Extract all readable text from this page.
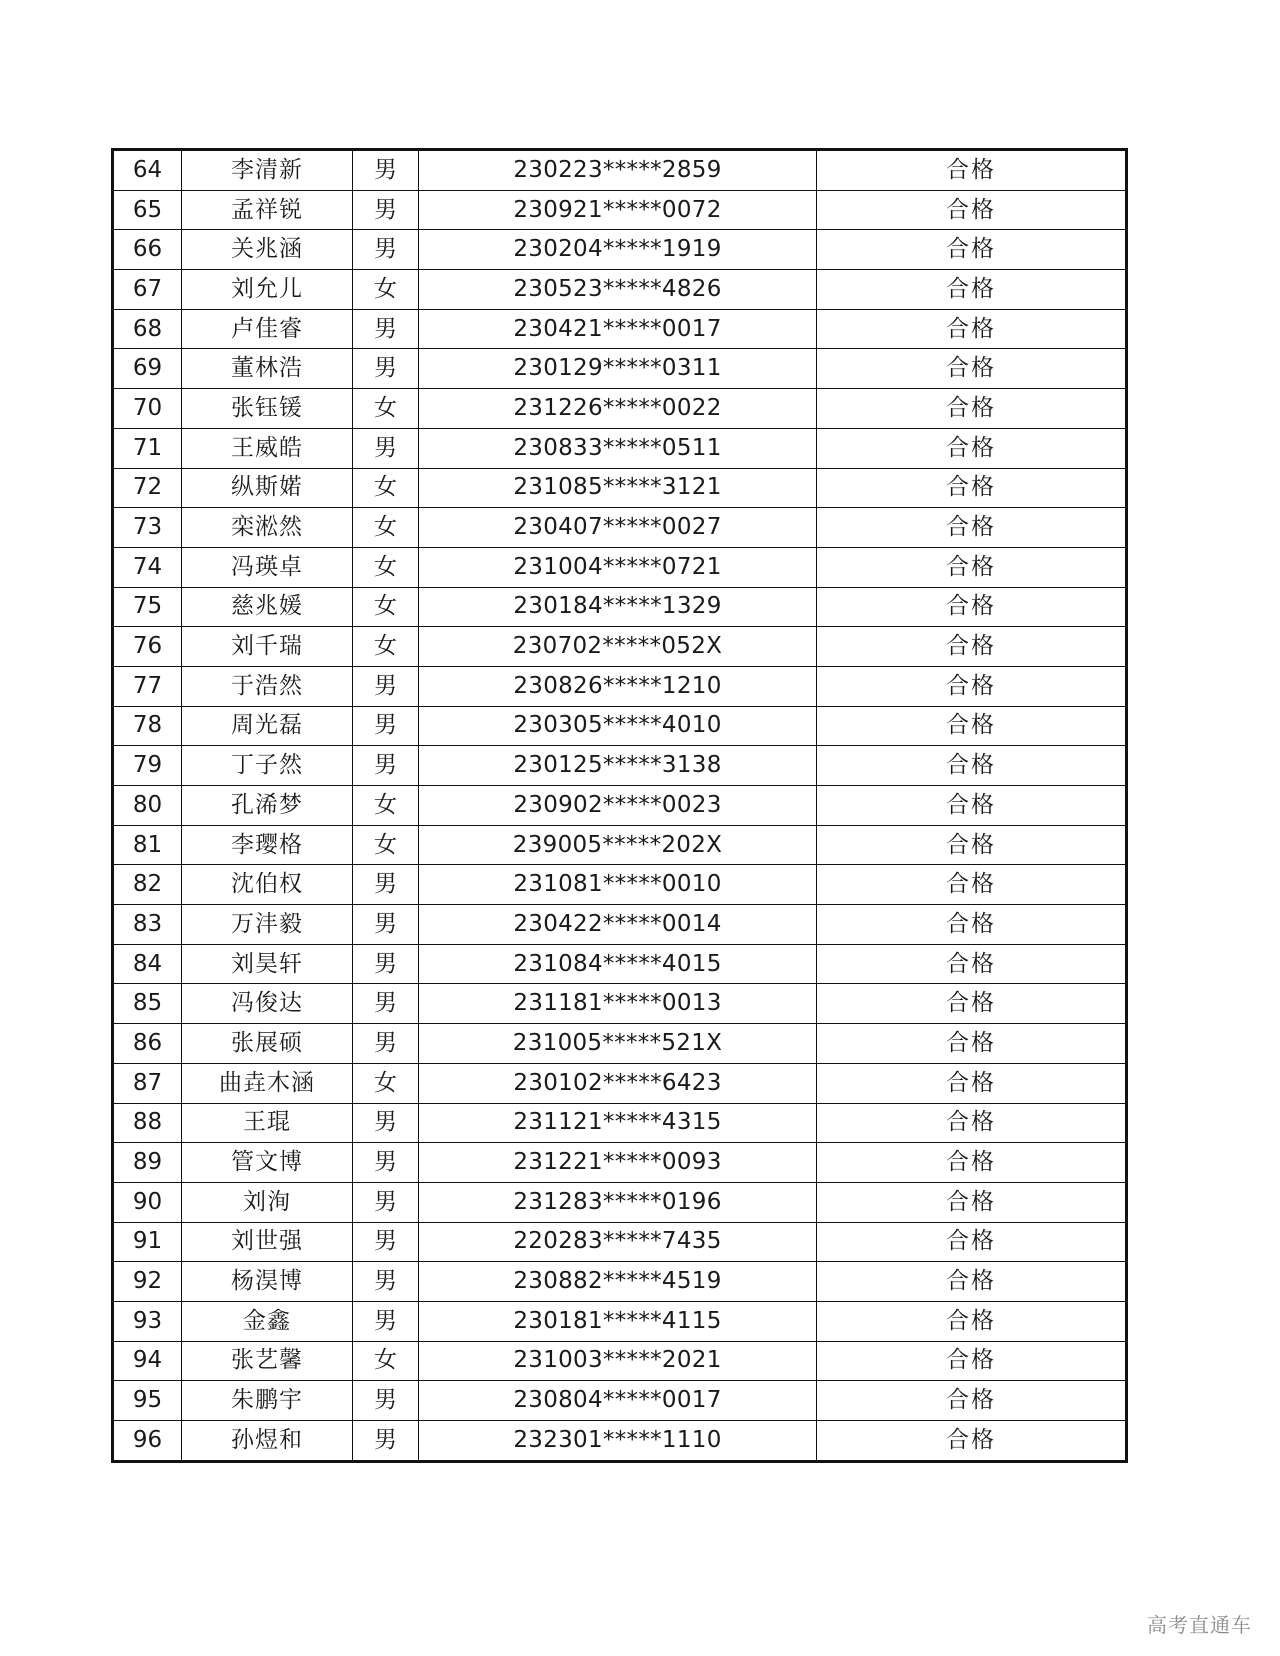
64	李清新	男	230223*****2859	合格
65	孟祥锐	男	230921*****0072	合格
66	关兆涵	男	230204*****1919	合格
67	刘允儿	女	230523*****4826	合格
68	卢佳睿	男	230421*****0017	合格
69	董林浩	男	230129*****0311	合格
70	张钰锾	女	231226*****0022	合格
71	王威皓	男	230833*****0511	合格
72	纵斯婼	女	231085*****3121	合格
73	栾淞然	女	230407*****0027	合格
74	冯瑛卓	女	231004*****0721	合格
75	慈兆媛	女	230184*****1329	合格
76	刘千瑞	女	230702*****052X	合格
77	于浩然	男	230826*****1210	合格
78	周光磊	男	230305*****4010	合格
79	丁子然	男	230125*****3138	合格
80	孔浠梦	女	230902*****0023	合格
81	李璎格	女	239005*****202X	合格
82	沈伯权	男	231081*****0010	合格
83	万沣毅	男	230422*****0014	合格
84	刘昊轩	男	231084*****4015	合格
85	冯俊达	男	231181*****0013	合格
86	张展硕	男	231005*****521X	合格
87	曲垚木涵	女	230102*****6423	合格
88	王琨	男	231121*****4315	合格
89	管文博	男	231221*****0093	合格
90	刘洵	男	231283*****0196	合格
91	刘世强	男	220283*****7435	合格
92	杨淏博	男	230882*****4519	合格
93	金鑫	男	230181*****4115	合格
94	张艺馨	女	231003*****2021	合格
95	朱鹏宇	男	230804*****0017	合格
96	孙煜和	男	232301*****1110	合格
高考直通车
